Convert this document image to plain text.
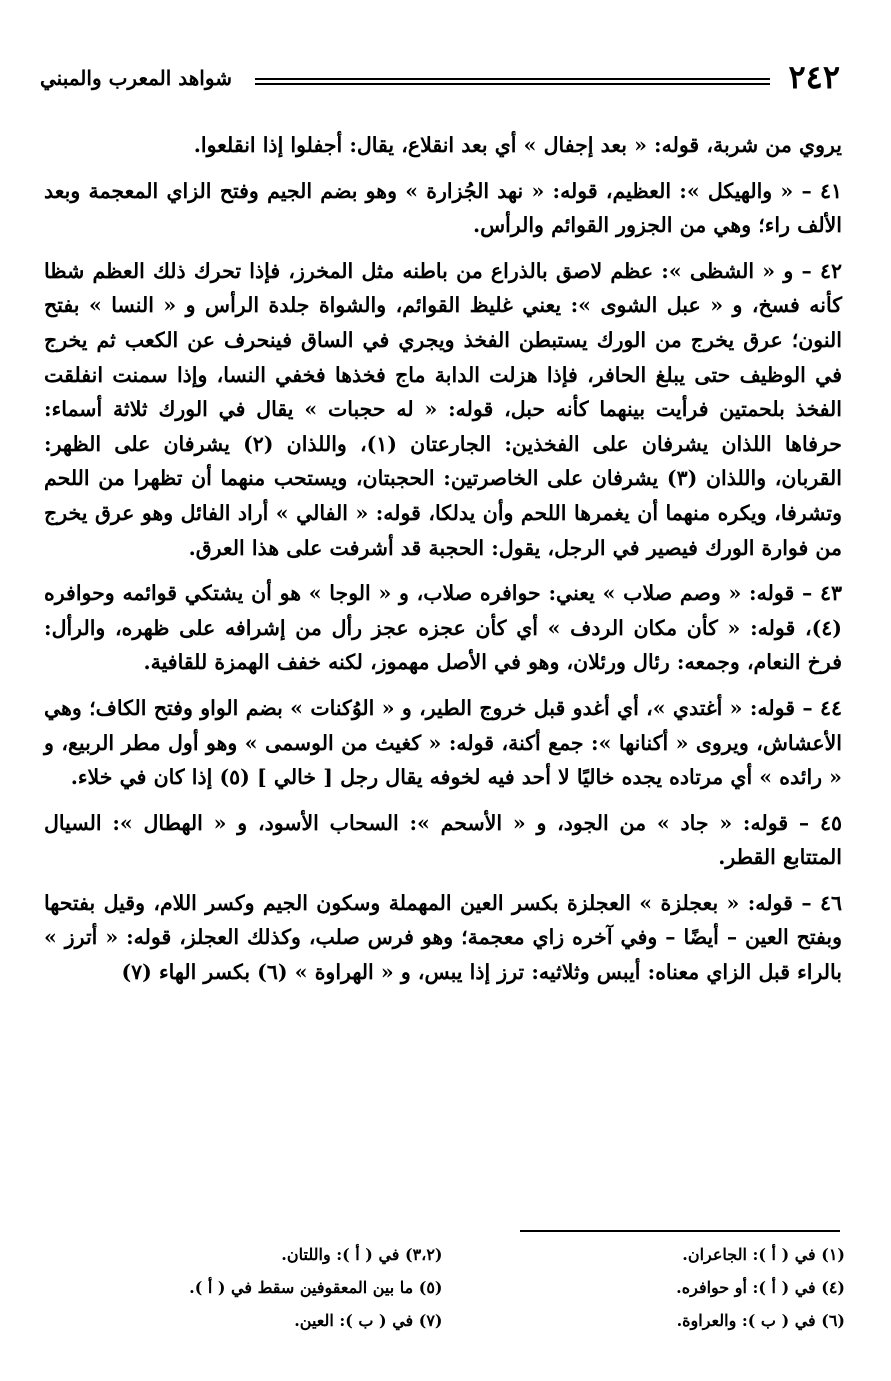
٢٤٢
شواهد المعرب والمبني

يروي من شربة، قوله: « بعد إجفال » أي بعد انقلاع، يقال: أجفلوا إذا انقلعوا.

٤١ – « والهيكل »: العظيم، قوله: « نهد الجُزارة » وهو بضم الجيم وفتح الزاي المعجمة وبعد الألف راء؛ وهي من الجزور القوائم والرأس.

٤٢ – و « الشظى »: عظم لاصق بالذراع من باطنه مثل المخرز، فإذا تحرك ذلك العظم شظا كأنه فسخ، و « عبل الشوى »: يعني غليظ القوائم، والشواة جلدة الرأس و « النسا » بفتح النون؛ عرق يخرج من الورك يستبطن الفخذ ويجري في الساق فينحرف عن الكعب ثم يخرج في الوظيف حتى يبلغ الحافر، فإذا هزلت الدابة ماج فخذها فخفي النسا، وإذا سمنت انفلقت الفخذ بلحمتين فرأيت بينهما كأنه حبل، قوله: « له حجبات » يقال في الورك ثلاثة أسماء: حرفاها اللذان يشرفان على الفخذين: الجارعتان (١)، واللذان (٢) يشرفان على الظهر: القربان، واللذان (٣) يشرفان على الخاصرتين: الحجبتان، ويستحب منهما أن تظهرا من اللحم وتشرفا، ويكره منهما أن يغمرها اللحم وأن يدلكا، قوله: « الفالي » أراد الفائل وهو عرق يخرج من فوارة الورك فيصير في الرجل، يقول: الحجبة قد أشرفت على هذا العرق.

٤٣ – قوله: « وصم صلاب » يعني: حوافره صلاب، و « الوجا » هو أن يشتكي قوائمه وحوافره (٤)، قوله: « كأن مكان الردف » أي كأن عجزه عجز رأل من إشرافه على ظهره، والرأل: فرخ النعام، وجمعه: رئال ورئلان، وهو في الأصل مهموز، لكنه خفف الهمزة للقافية.

٤٤ – قوله: « أغتدي »، أي أغدو قبل خروج الطير، و « الوُكنات » بضم الواو وفتح الكاف؛ وهي الأعشاش، ويروى « أكنانها »: جمع أكنة، قوله: « كغيث من الوسمى » وهو أول مطر الربيع، و « رائده » أي مرتاده يجده خاليًا لا أحد فيه لخوفه يقال رجل [ خالي ] (٥) إذا كان في خلاء.

٤٥ – قوله: « جاد » من الجود، و « الأسحم »: السحاب الأسود، و « الهطال »: السيال المتتابع القطر.

٤٦ – قوله: « بعجلزة » العجلزة بكسر العين المهملة وسكون الجيم وكسر اللام، وقيل بفتحها وبفتح العين – أيضًا – وفي آخره زاي معجمة؛ وهو فرس صلب، وكذلك العجلز، قوله: « أترز » بالراء قبل الزاي معناه: أيبس وثلاثيه: ترز إذا يبس، و « الهراوة » (٦) بكسر الهاء (٧)

(١) في ( أ ): الجاعران.
(٣،٢) في ( أ ): واللتان.
(٤) في ( أ ): أو حوافره.
(٥) ما بين المعقوفين سقط في ( أ ).
(٦) في ( ب ): والعراوة.
(٧) في ( ب ): العين.
